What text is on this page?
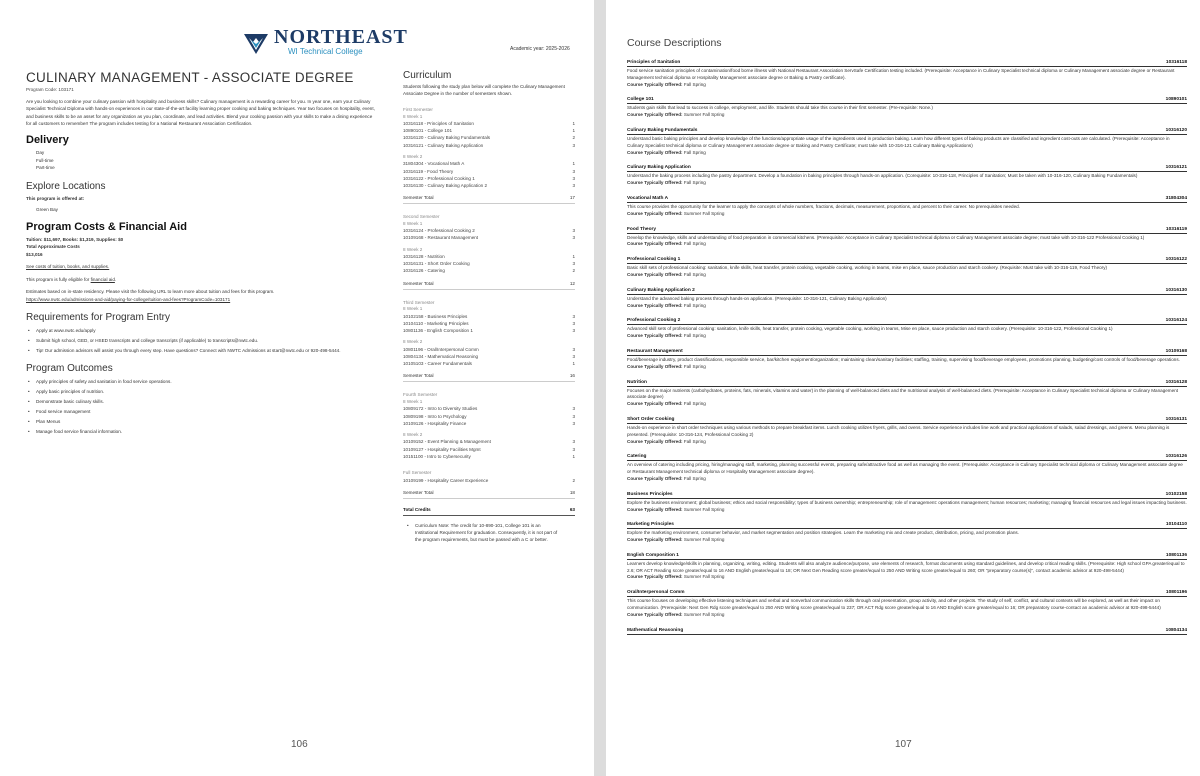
NORTHEAST
WI Technical College	Academic year: 2025-2026
CULINARY MANAGEMENT - ASSOCIATE DEGREE
Program Code: 103171

Are you looking to combine your culinary passion with hospitality and business skills? Culinary management is a rewarding career for you. In year one, earn your Culinary Specialist Technical Diploma with hands-on experiences in our state-of-the-art facility learning proper cooking and baking techniques. Year two focuses on hospitality, event, and business skills to be an asset for any organization as you plan, coordinate, and lead activities. Blend your cooking passion with your skills to make a dining experience for all customers to remember! The program includes testing for a National Restaurant Association Certification.

Delivery
Day
Full-time
Part-time
Explore Locations
This program is offered at:
Green Bay
Program Costs & Financial Aid
Tuition: $11,697, Books: $1,319, Supplies: $0
Total Approximate Costs
$13,016
See costs of tuition, books, and supplies.
This program is fully eligible for financial aid.
Estimates based on in-state residency. Please visit the following URL to learn more about tuition and fees for this program.
https://www.nwtc.edu/admissions-and-aid/paying-for-college/tuition-and-fees?ProgramCode=103171
Requirements for Program Entry
• Apply at www.nwtc.edu/apply
• Submit high school, GED, or HSED transcripts and college transcripts (if applicable) to transcripts@nwtc.edu.
• Tip! Our admission advisors will assist you through every step. Have questions? Connect with NWTC Admissions at start@nwtc.edu or 920-498-5444.
Program Outcomes
• Apply principles of safety and sanitation in food service operations.
• Apply basic principles of nutrition.
• Demonstrate basic culinary skills.
• Food service management
• Plan Menus
• Manage food service financial information.
Curriculum

Students following the study plan below will complete the Culinary Management Associate Degree in the number of semesters shown.

First Semester
8 Week 1
10316118 - Principles of Sanitation	1
10890101 - College 101	1
10316120 - Culinary Baking Fundamentals	2
10316121 - Culinary Baking Application	3
8 Week 2
31804304 - Vocational Math A	1
10316119 - Food Theory	3
10316122 - Professional Cooking 1	3
10316130 - Culinary Baking Application 2	3
Semester Total	17
Second Semester
8 Week 1
10316124 - Professional Cooking 2	3
10109168 - Restaurant Management	3
8 Week 2
10316128 - Nutrition	1
10316131 - Short Order Cooking	3
10316126 - Catering	2
Semester Total	12
Third Semester
8 Week 1
10102158 - Business Principles	3
10104110 - Marketing Principles	3
10801136 - English Composition 1	3
8 Week 2
10801196 - Oral/Interpersonal Comm	3
10804134 - Mathematical Reasoning	3
10105103 - Career Fundamentals	1
Semester Total	16
Fourth Semester
8 Week 1
10809172 - Intro to Diversity Studies	3
10809198 - Intro to Psychology	3
10109126 - Hospitality Finance	3
8 Week 2
10109152 - Event Planning & Management	3
10109127 - Hospitality Facilities Mgmt	3
10151100 - Intro to Cybersecurity	1
Full Semester
10109199 - Hospitality Career Experience	2
Semester Total	18
Total Credits	63
• Curriculum Note: The credit for 10-890-101, College 101 is an Institutional Requirement for graduation. Consequently, it is not part of the program requirements, but must be passed with a C or better.
106
Course Descriptions
Principles of Sanitation	10316118
Food service sanitation principles of contamination/food borne illness with National Restaurant Association ServSafe Certification testing included. (Prerequisite: Acceptance in Culinary Specialist technical diploma or Culinary Management associate degree or Restaurant Management technical diploma or Hospitality Management associate degree or Baking & Pastry certificate).
Course Typically Offered: Fall Spring
College 101	10890101
Students gain skills that lead to success in college, employment, and life. Students should take this course in their first semester. (Pre-requisite: None.)
Course Typically Offered: Summer Fall Spring
Culinary Baking Fundamentals	10316120
Understand basic baking principles and develop knowledge of the functions/appropriate usage of the ingredients used in production baking. Learn how different types of baking products are classified and ingredient cost-outs are calculated. (Prerequisite: Acceptance in Culinary Specialist technical diploma or Culinary Management associate degree or Baking and Pastry Certificate; must take with 10-316-121 Culinary Baking Applications)
Course Typically Offered: Fall Spring
Culinary Baking Application	10316121
Understand the baking process including the pastry department. Develop a foundation in baking principles through hands-on application. (Corequisite: 10-316-118, Principles of Sanitation; Must be taken with 10-316-120, Culinary Baking Fundamentals)
Course Typically Offered: Fall Spring
Vocational Math A	31804304
This course provides the opportunity for the learner to apply the concepts of whole numbers, fractions, decimals, measurement, proportions, and percent to their career. No prerequisites needed.
Course Typically Offered: Summer Fall Spring
Food Theory	10316119
Develop the knowledge, skills and understanding of food preparation in commercial kitchens. (Prerequisite: Acceptance in Culinary Specialist technical diploma or Culinary Management associate degree; must take with 10-316-122 Professional Cooking 1)
Course Typically Offered: Fall Spring
Professional Cooking 1	10316122
Basic skill sets of professional cooking: sanitation, knife skills, heat transfer, protein cooking, vegetable cooking, working in teams, mise en place, sauce production and starch cookery. (Requisite: Must take with 10-316-119, Food Theory)
Course Typically Offered: Fall Spring
Culinary Baking Application 2	10316130
Understand the advanced baking process through hands-on application. (Prerequisite: 10-316-121, Culinary Baking Application)
Course Typically Offered: Fall Spring
Professional Cooking 2	10316124
Advanced skill sets of professional cooking: sanitation, knife skills, heat transfer, protein cooking, vegetable cooking, working in teams, Mise en place, sauce production and starch cookery. (Prerequisite: 10-316-122, Professional Cooking 1)
Course Typically Offered: Fall Spring
Restaurant Management	10109168
Food/beverage industry, product classifications, responsible service, bar/kitchen equipment/organization; maintaining clean/sanitary facilities; staffing, training, supervising food/beverage employees, promotions planning, budgeting/cost controls of food/beverage operations.
Course Typically Offered: Fall Spring
Nutrition	10316128
Focuses on the major nutrients (carbohydrates, proteins, fats, minerals, vitamins and water) in the planning of well-balanced diets and the nutritional analysis of well-balanced diets. (Prerequisite: Acceptance in Culinary Specialist technical diploma or Culinary Management associate degree)
Course Typically Offered: Fall Spring
Short Order Cooking	10316131
Hands-on experience in short order techniques using various methods to prepare breakfast items. Lunch cooking utilizes fryers, grills, and ovens. Service experience includes line work and practical applications of salads, salad dressings, and greens. Menu planning is presented. (Prerequisite: 10-316-124, Professional Cooking 2)
Course Typically Offered: Fall Spring
Catering	10316126
An overview of catering including pricing, hiring/managing staff, marketing, planning successful events, preparing safe/attractive food as well as managing the event. (Prerequisite: Acceptance in Culinary Specialist technical diploma or Culinary Management associate degree or Restaurant Management technical diploma or Hospitality Management associate degree).
Course Typically Offered: Fall Spring
Business Principles	10102158
Explore the business environment; global business; ethics and social responsibility; types of business ownership; entrepreneurship; role of management: operations management; human resources; marketing; managing financial resources and legal issues impacting business.
Course Typically Offered: Summer Fall Spring
Marketing Principles	10104110
Explore the marketing environment, consumer behavior, and market segmentation and position strategies. Learn the marketing mix and create product, distribution, pricing, and promotion plans.
Course Typically Offered: Summer Fall Spring
English Composition 1	10801136
Learners develop knowledge/skills in planning, organizing, writing, editing. Students will also analyze audience/purpose, use elements of research, format documents using standard guidelines, and develop critical reading skills. (Prerequisite: High school GPA greater/equal to 2.6; OR ACT Reading score greater/equal to 16 AND English greater/equal to 18; OR Next Gen Reading score greater/equal to 250 AND Writing score greater/equal to 260; OR "preparatory course(s)", contact academic advisor at 920-498-5444)
Course Typically Offered: Summer Fall Spring
Oral/Interpersonal Comm	10801196
This course focuses on developing effective listening techniques and verbal and nonverbal communication skills through oral presentation, group activity, and other projects. The study of self, conflict, and cultural contexts will be explored, as well as their impact on communication. (Prerequisite: Next Gen Rdg score greater/equal to 250 AND Writing score greater/equal to 237; OR ACT Rdg score greater/equal to 16 AND English score greater/equal to 16; OR preparatory course-contact an academic advisor at 920-498-5444)
Course Typically Offered: Summer Fall Spring
Mathematical Reasoning	10804134
107
